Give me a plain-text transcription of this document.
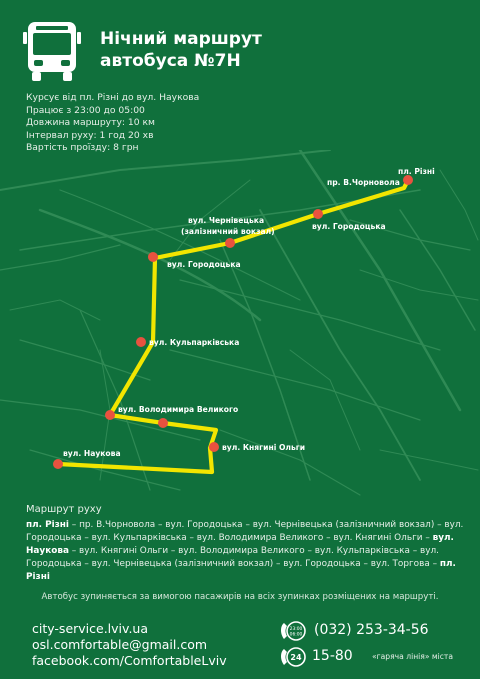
Нічний маршрут
автобуса №7Н
Курсує від пл. Різні до вул. Наукова
Працює з 23:00 до 05:00
Довжина маршруту: 10 км
Інтервал руху: 1 год 20 хв
Вартість проїзду: 8 грн
пл. Різні
пр. В.Чорновола
вул. Городоцька
вул. Чернівецька
(залізничний вокзал)
вул. Городоцька
вул. Кульпарківська
вул. Володимира Великого
вул. Княгині Ольги
вул. Наукова
Маршрут руху
пл. Різні – пр. В.Чорновола – вул. Городоцька – вул. Чернівецька (залізничний вокзал) – вул. Городоцька – вул. Кульпарківська – вул. Володимира Великого – вул. Княгині Ольги – вул. Наукова – вул. Княгині Ольги – вул. Володимира Великого – вул. Кульпарківська – вул. Городоцька – вул. Чернівецька (залізничний вокзал) – вул. Городоцька – вул. Торгова – пл. Різні
Автобус зупиняється за вимогою пасажирів на всіх зупинках розміщених на маршруті.
city-service.lviv.ua
osl.comfortable@gmail.com
facebook.com/ComfortableLviv
23:00
06:00 (032) 253-34-56
24 15-80	«гаряча лінія» міста
